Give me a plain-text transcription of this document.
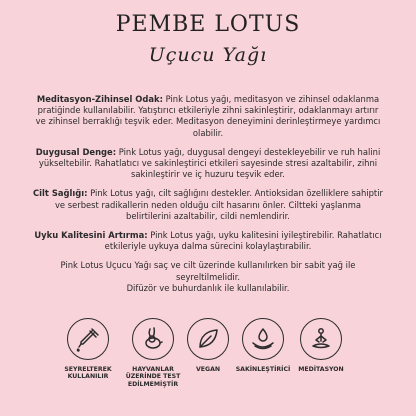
PEMBE LOTUS
Uçucu Yağı

Meditasyon-Zihinsel Odak: Pink Lotus yağı, meditasyon ve zihinsel odaklanma pratiğinde kullanılabilir. Yatıştırıcı etkileriyle zihni sakinleştirir, odaklanmayı artırır ve zihinsel berraklığı teşvik eder. Meditasyon deneyimini derinleştirmeye yardımcı olabilir.

Duygusal Denge: Pink Lotus yağı, duygusal dengeyi destekleyebilir ve ruh halini yükseltebilir. Rahatlatıcı ve sakinleştirici etkileri sayesinde stresi azaltabilir, zihni sakinleştirir ve iç huzuru teşvik eder.

Cilt Sağlığı: Pink Lotus yağı, cilt sağlığını destekler. Antioksidan özelliklere sahiptir ve serbest radikallerin neden olduğu cilt hasarını önler. Ciltteki yaşlanma belirtilerini azaltabilir, cildi nemlendirir.

Uyku Kalitesini Artırma: Pink Lotus yağı, uyku kalitesini iyileştirebilir. Rahatlatıcı etkileriyle uykuya dalma sürecini kolaylaştırabilir.

Pink Lotus Uçucu Yağı saç ve cilt üzerinde kullanılırken bir sabit yağ ile seyreltilmelidir.
Difüzör ve buhurdanlık ile kullanılabilir.

SEYRELTEREK KULLANILIR
HAYVANLAR ÜZERİNDE TEST EDİLMEMİŞTİR
VEGAN	SAKİNLEŞTİRİCİ	MEDİTASYON
